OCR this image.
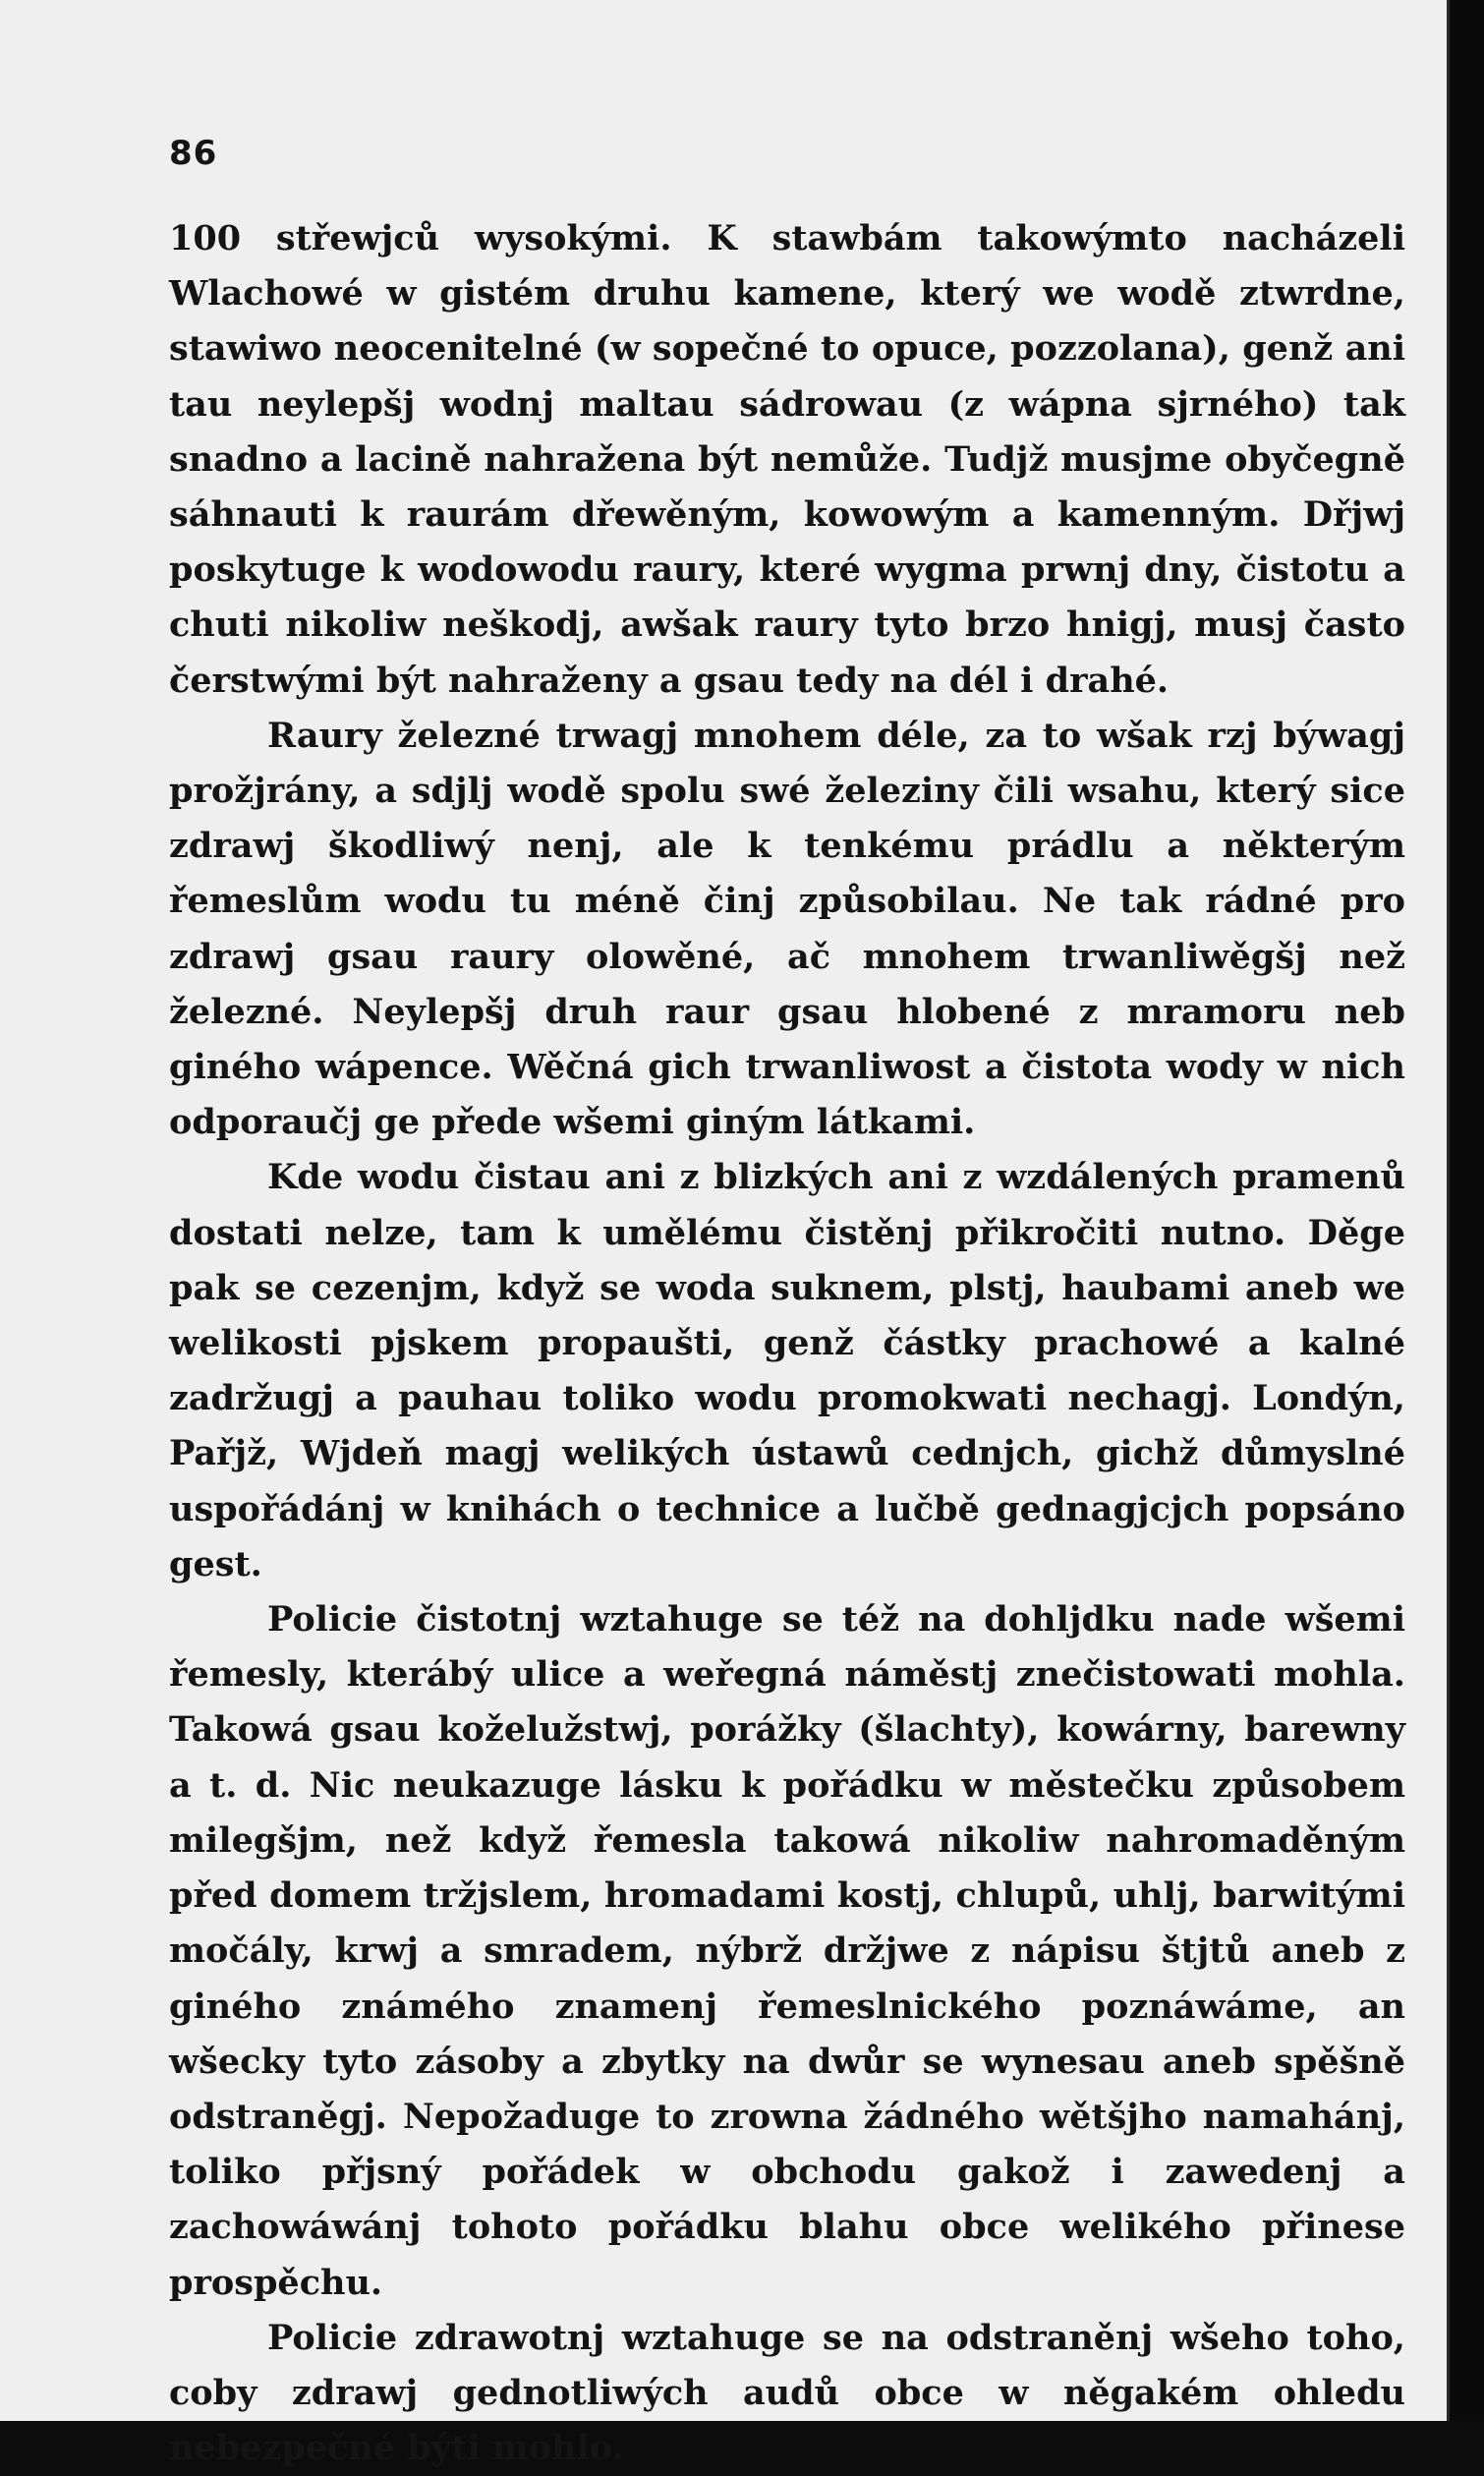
86

100 střewjců wysokými. K stawbám takowýmto nacházeli Wlachowé w gistém druhu kamene, který we wodě ztwrdne, stawiwo neocenitelné (w sopečné to opuce, pozzolana), genž ani tau neylepšj wodnj maltau sádrowau (z wápna sjrného) tak snadno a lacině nahražena být nemůže. Tudjž musjme obyčegně sáhnauti k raurám dřewěným, kowowým a kamenným. Dřjwj poskytuge k wodowodu raury, které wygma prwnj dny, čistotu a chuti nikoliw neškodj, awšak raury tyto brzo hnigj, musj často čerstwými být nahraženy a gsau tedy na dél i drahé.

Raury železné trwagj mnohem déle, za to wšak rzj býwagj prožjrány, a sdjlj wodě spolu swé železiny čili wsahu, který sice zdrawj škodliwý nenj, ale k tenkému prádlu a některým řemeslům wodu tu méně činj způsobilau. Ne tak rádné pro zdrawj gsau raury olowěné, ač mnohem trwanliwěgšj než železné. Neylepšj druh raur gsau hlobené z mramoru neb giného wápence. Wěčná gich trwanliwost a čistota wody w nich odporaučj ge přede wšemi giným látkami.

Kde wodu čistau ani z blizkých ani z wzdálených pramenů dostati nelze, tam k umělému čistěnj přikročiti nutno. Děge pak se cezenjm, když se woda suknem, plstj, haubami aneb we welikosti pjskem propaušti, genž částky prachowé a kalné zadržugj a pauhau toliko wodu promokwati nechagj. Londýn, Pařjž, Wjdeň magj welikých ústawů cednjch, gichž důmyslné uspořádánj w knihách o technice a lučbě gednagjcjch popsáno gest.

Policie čistotnj wztahuge se též na dohljdku nade wšemi řemesly, kterábý ulice a weřegná náměstj znečistowati mohla. Takowá gsau koželužstwj, porážky (šlachty), kowárny, barewny a t. d. Nic neukazuge lásku k pořádku w městečku způsobem milegšjm, než když řemesla takowá nikoliw nahromaděným před domem tržjslem, hromadami kostj, chlupů, uhlj, barwitými močály, krwj a smradem, nýbrž držjwe z nápisu štjtů aneb z giného známého znamenj řemeslnického poznáwáme, an wšecky tyto zásoby a zbytky na dwůr se wynesau aneb spěšně odstraněgj. Nepožaduge to zrowna žádného wětšjho namahánj, toliko přjsný pořádek w obchodu gakož i zawedenj a zachowáwánj tohoto pořádku blahu obce welikého přinese prospěchu.

Policie zdrawotnj wztahuge se na odstraněnj wšeho toho, coby zdrawj gednotliwých audů obce w něgakém ohledu nebezpečné býti mohlo.
